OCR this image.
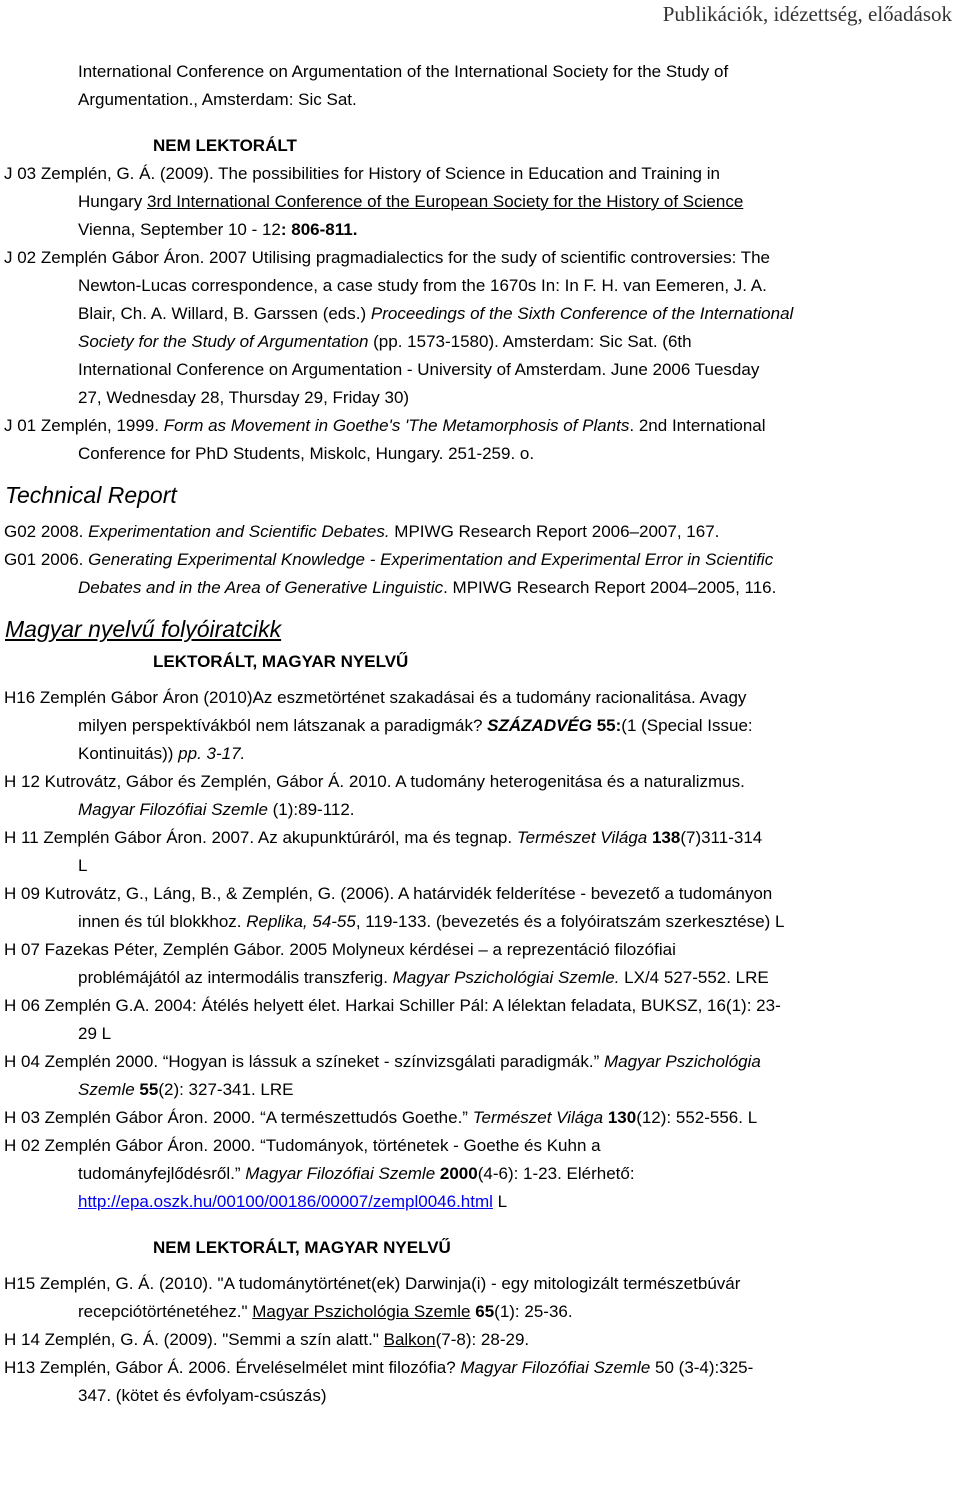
Publikációk, idézettség, előadások
International Conference on Argumentation of the International Society for the Study of
Argumentation., Amsterdam: Sic Sat.
NEM LEKTORÁLT
J 03 Zemplén, G. Á. (2009). The possibilities for History of Science in Education and Training in
Hungary 3rd International Conference of the European Society for the History of Science
Vienna, September 10 - 12: 806-811.
J 02 Zemplén Gábor Áron. 2007 Utilising pragmadialectics for the sudy of scientific controversies: The
Newton-Lucas correspondence, a case study from the 1670s In: In F. H. van Eemeren, J. A.
Blair, Ch. A. Willard, B. Garssen (eds.) Proceedings of the Sixth Conference of the International
Society for the Study of Argumentation (pp. 1573-1580). Amsterdam: Sic Sat. (6th
International Conference on Argumentation - University of Amsterdam. June 2006 Tuesday
27, Wednesday 28, Thursday 29, Friday 30)
J 01 Zemplén, 1999. Form as Movement in Goethe's 'The Metamorphosis of Plants. 2nd International
Conference for PhD Students, Miskolc, Hungary. 251-259. o.
Technical Report
G02 2008. Experimentation and Scientific Debates. MPIWG Research Report 2006–2007, 167.
G01 2006. Generating Experimental Knowledge - Experimentation and Experimental Error in Scientific
Debates and in the Area of Generative Linguistic. MPIWG Research Report 2004–2005, 116.
Magyar nyelvű folyóiratcikk
LEKTORÁLT, MAGYAR NYELVŰ
H16 Zemplén Gábor Áron (2010)Az eszmetörténet szakadásai és a tudomány racionalitása. Avagy
milyen perspektívákból nem látszanak a paradigmák? SZÁZADVÉG 55:(1 (Special Issue:
Kontinuitás)) pp. 3-17.
H 12 Kutrovátz, Gábor és Zemplén, Gábor Á. 2010. A tudomány heterogenitása és a naturalizmus.
Magyar Filozófiai Szemle (1):89-112.
H 11 Zemplén Gábor Áron. 2007. Az akupunktúráról, ma és tegnap. Természet Világa 138(7)311-314
L
H 09 Kutrovátz, G., Láng, B., & Zemplén, G. (2006). A határvidék felderítése - bevezető a tudományon
innen és túl blokkhoz. Replika, 54-55, 119-133. (bevezetés és a folyóiratszám szerkesztése) L
H 07 Fazekas Péter, Zemplén Gábor. 2005 Molyneux kérdései – a reprezentáció filozófiai
problémájától az intermodális transzferig. Magyar Pszichológiai Szemle. LX/4 527-552. LRE
H 06 Zemplén G.A. 2004: Átélés helyett élet. Harkai Schiller Pál: A lélektan feladata, BUKSZ, 16(1): 23-
29 L
H 04 Zemplén 2000. “Hogyan is lássuk a színeket - színvizsgálati paradigmák.” Magyar Pszichológia
Szemle 55(2): 327-341. LRE
H 03 Zemplén Gábor Áron. 2000. “A természettudós Goethe.” Természet Világa 130(12): 552-556. L
H 02 Zemplén Gábor Áron. 2000. “Tudományok, történetek - Goethe és Kuhn a
tudományfejlődésről.” Magyar Filozófiai Szemle 2000(4-6): 1-23. Elérhető:
http://epa.oszk.hu/00100/00186/00007/zempl0046.html L
NEM LEKTORÁLT, MAGYAR NYELVŰ
H15 Zemplén, G. Á. (2010). "A tudománytörténet(ek) Darwinja(i) - egy mitologizált természetbúvár
recepciótörténetéhez." Magyar Pszichológia Szemle 65(1): 25-36.
H 14 Zemplén, G. Á. (2009). "Semmi a szín alatt." Balkon(7-8): 28-29.
H13 Zemplén, Gábor Á. 2006. Érveléselmélet mint filozófia? Magyar Filozófiai Szemle 50 (3-4):325-
347. (kötet és évfolyam-csúszás)
